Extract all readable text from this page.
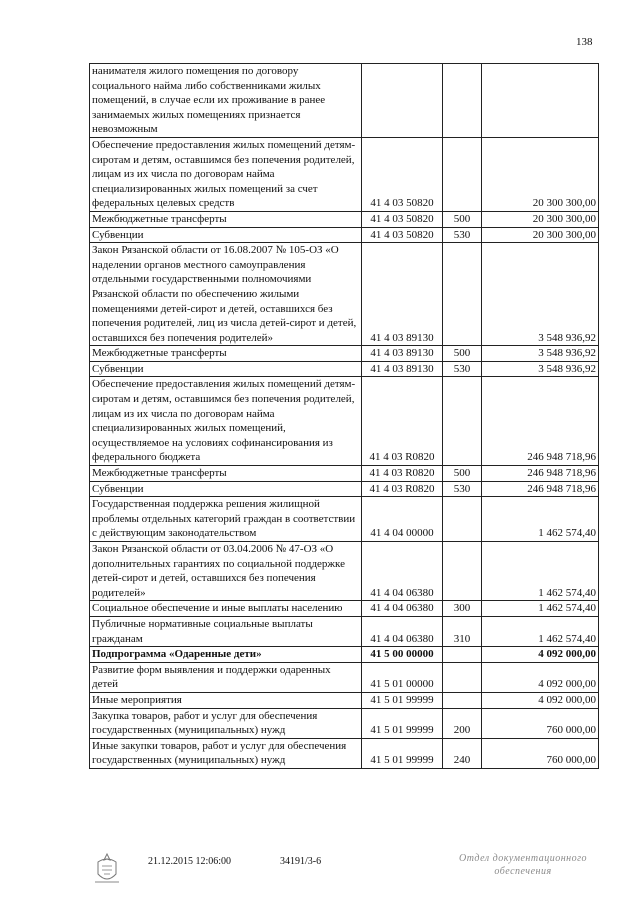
138
нанимателя жилого помещения по договору социального найма либо собственниками жилых помещений, в случае если их проживание в ранее занимаемых жилых помещениях признается невозможным			
Обеспечение предоставления жилых помещений детям-сиротам и детям, оставшимся без попечения родителей, лицам из их числа по договорам найма специализированных жилых помещений за счет федеральных целевых средств	41 4 03 50820		20 300 300,00
Межбюджетные трансферты	41 4 03 50820	500	20 300 300,00
Субвенции	41 4 03 50820	530	20 300 300,00
Закон Рязанской области от 16.08.2007 № 105-ОЗ «О наделении органов местного самоуправления отдельными государственными полномочиями Рязанской области по обеспечению жилыми помещениями детей-сирот и детей, оставшихся без попечения родителей, лиц из числа детей-сирот и детей, оставшихся без попечения родителей»	41 4 03 89130		3 548 936,92
Межбюджетные трансферты	41 4 03 89130	500	3 548 936,92
Субвенции	41 4 03 89130	530	3 548 936,92
Обеспечение предоставления жилых помещений детям-сиротам и детям, оставшимся без попечения родителей, лицам из их числа по договорам найма специализированных жилых помещений, осуществляемое на условиях софинансирования из федерального бюджета	41 4 03 R0820		246 948 718,96
Межбюджетные трансферты	41 4 03 R0820	500	246 948 718,96
Субвенции	41 4 03 R0820	530	246 948 718,96
Государственная поддержка решения жилищной проблемы отдельных категорий граждан в соответствии с действующим законодательством	41 4 04 00000		1 462 574,40
Закон Рязанской области от 03.04.2006 № 47-ОЗ «О дополнительных гарантиях по социальной поддержке детей-сирот и детей, оставшихся без попечения родителей»	41 4 04 06380		1 462 574,40
Социальное обеспечение и иные выплаты населению	41 4 04 06380	300	1 462 574,40
Публичные нормативные социальные выплаты гражданам	41 4 04 06380	310	1 462 574,40
Подпрограмма «Одаренные дети»	41 5 00 00000		4 092 000,00
Развитие форм выявления и поддержки одаренных детей	41 5 01 00000		4 092 000,00
Иные мероприятия	41 5 01 99999		4 092 000,00
Закупка товаров, работ и услуг для обеспечения государственных (муниципальных) нужд	41 5 01 99999	200	760 000,00
Иные закупки товаров, работ и услуг для обеспечения государственных (муниципальных) нужд	41 5 01 99999	240	760 000,00
21.12.2015 12:06:00	34191/3-6	Отдел документационного
обеспечения
